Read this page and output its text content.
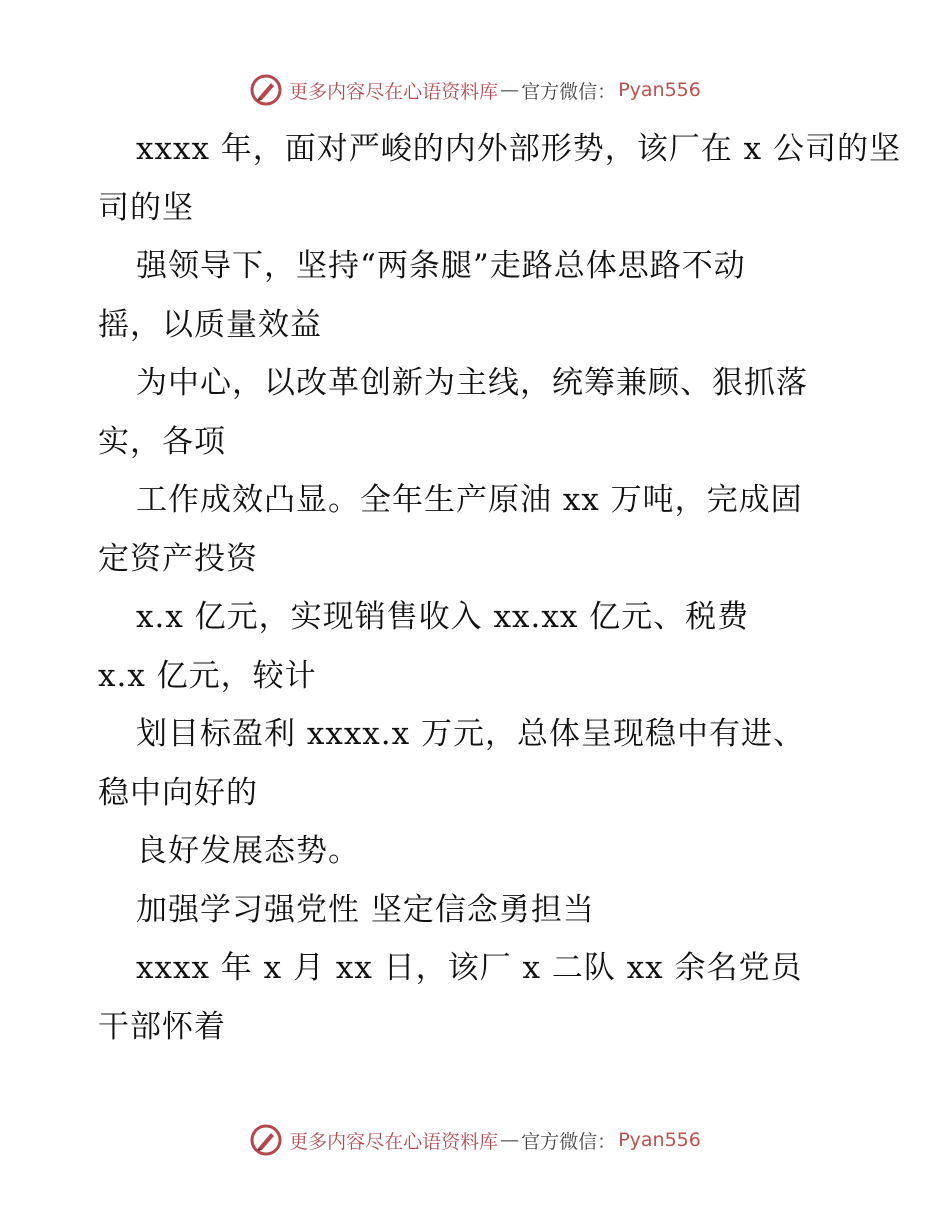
更多内容尽在心语资料库 — 官方微信： Pyan556
xxxx 年，面对严峻的内外部形势，该厂在 x 公司的坚
司的坚
强领导下，坚持“两条腿”走路总体思路不动
摇，以质量效益
为中心，以改革创新为主线，统筹兼顾、狠抓落
实，各项
工作成效凸显。全年生产原油 xx 万吨，完成固
定资产投资
x.x 亿元，实现销售收入 xx.xx 亿元、税费
x.x 亿元，较计
划目标盈利 xxxx.x 万元，总体呈现稳中有进、
稳中向好的
良好发展态势。
加强学习强党性 坚定信念勇担当
xxxx 年 x 月 xx 日，该厂 x 二队 xx 余名党员
干部怀着
更多内容尽在心语资料库 — 官方微信： Pyan556
